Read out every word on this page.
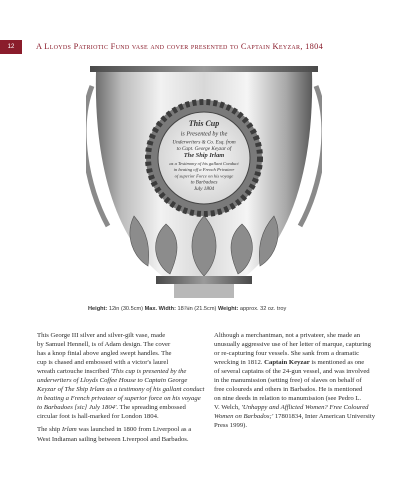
12	A Lloyds Patriotic Fund vase and cover presented to Captain Keyzar, 1804
This Cup
is Presented by the
Underwriters & Co. Esq. from
to Capt. George Keyzar of
The Ship Irlam
as a Testimony of his gallant Conduct
in beating off a French Privateer
of superior Force on his voyage
to Barbadoes
July 1804
Height: 12in (30.5cm) Max. Width: 18⅞in (21.5cm) Weight: approx. 32 oz. troy

This George III silver and silver-gilt vase, made
by Samuel Hennell, is of Adam design. The cover
has a knop finial above angled swept handles. The
cup is chased and embossed with a victor's laurel
wreath cartouche inscribed 'This cup is presented by the
underwriters of Lloyds Coffee House to Captain George
Keyzar of The Ship Irlam as a testimony of his gallant conduct
in beating a French privateer of superior force on his voyage
to Barbadoes [sic] July 1804'. The spreading embossed
circular foot is hall-marked for London 1804.

The ship Irlam was launched in 1800 from Liverpool as a
West Indiaman sailing between Liverpool and Barbados.

Although a merchantman, not a privateer, she made an
unusually aggressive use of her letter of marque, capturing
or re-capturing four vessels. She sank from a dramatic
wrecking in 1812. Captain Keyzar is mentioned as one
of several captains of the 24-gun vessel, and was involved
in the manumission (setting free) of slaves on behalf of
free coloureds and others in Barbados. He is mentioned
on nine deeds in relation to manumission (see Pedro L.
V. Welch, 'Unhappy and Afflicted Women? Free Coloured
Women on Barbados;' 17801834, Inter American University
Press 1999).
